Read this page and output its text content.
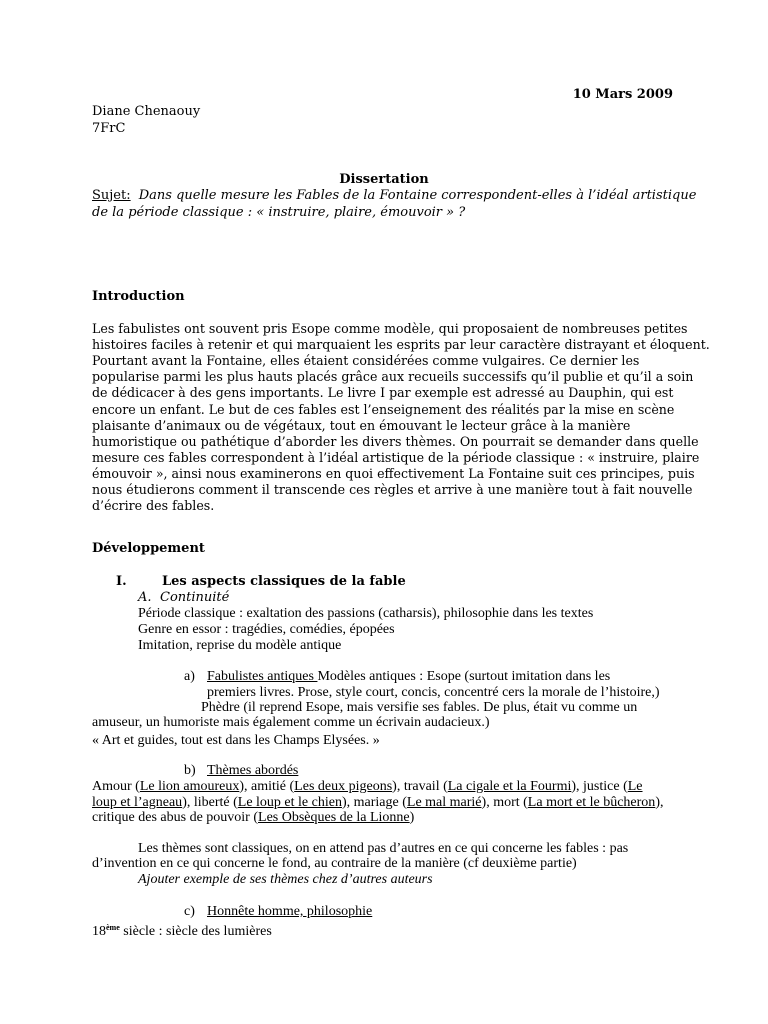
10 Mars 2009
Diane Chenaouy
7FrC
Dissertation
Sujet: Dans quelle mesure les Fables de la Fontaine correspondent-elles à l’idéal artistique
de la période classique : « instruire, plaire, émouvoir » ?
Introduction
Les fabulistes ont souvent pris Esope comme modèle, qui proposaient de nombreuses petites
histoires faciles à retenir et qui marquaient les esprits par leur caractère distrayant et éloquent.
Pourtant avant la Fontaine, elles étaient considérées comme vulgaires. Ce dernier les
popularise parmi les plus hauts placés grâce aux recueils successifs qu’il publie et qu’il a soin
de dédicacer à des gens importants. Le livre I par exemple est adressé au Dauphin, qui est
encore un enfant. Le but de ces fables est l’enseignement des réalités par la mise en scène
plaisante d’animaux ou de végétaux, tout en émouvant le lecteur grâce à la manière
humoristique ou pathétique d’aborder les divers thèmes. On pourrait se demander dans quelle
mesure ces fables correspondent à l’idéal artistique de la période classique : « instruire, plaire
émouvoir », ainsi nous examinerons en quoi effectivement La Fontaine suit ces principes, puis
nous étudierons comment il transcende ces règles et arrive à une manière tout à fait nouvelle
d’écrire des fables.
Développement
I.	Les aspects classiques de la fable
A. Continuité
Période classique : exaltation des passions (catharsis), philosophie dans les textes
Genre en essor : tragédies, comédies, épopées
Imitation, reprise du modèle antique
a) Fabulistes antiques Modèles antiques : Esope (surtout imitation dans les
premiers livres. Prose, style court, concis, concentré cers la morale de l’histoire,)
Phèdre (il reprend Esope, mais versifie ses fables. De plus, était vu comme un
amuseur, un humoriste mais également comme un écrivain audacieux.)
« Art et guides, tout est dans les Champs Elysées. »
b) Thèmes abordés
Amour (Le lion amoureux), amitié (Les deux pigeons), travail (La cigale et la Fourmi), justice (Le
loup et l’agneau), liberté (Le loup et le chien), mariage (Le mal marié), mort (La mort et le bûcheron),
critique des abus de pouvoir (Les Obsèques de la Lionne)
Les thèmes sont classiques, on en attend pas d’autres en ce qui concerne les fables : pas
d’invention en ce qui concerne le fond, au contraire de la manière (cf deuxième partie)
Ajouter exemple de ses thèmes chez d’autres auteurs
c) Honnête homme, philosophie
18ème siècle : siècle des lumières
